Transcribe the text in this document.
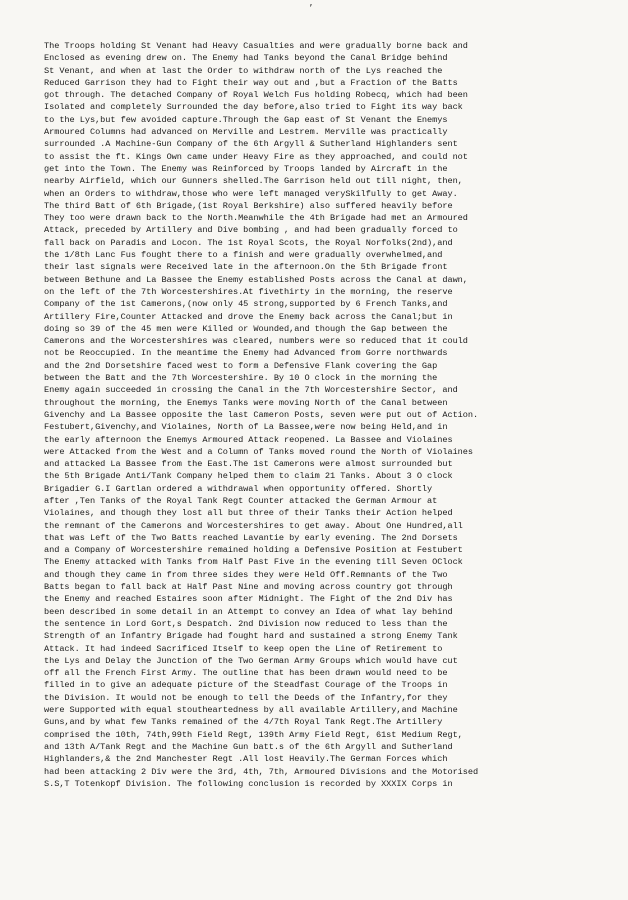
’
The Troops holding St Venant had Heavy Casualties and were gradually borne back and
Enclosed as evening drew on. The Enemy had Tanks beyond the Canal Bridge behind
St Venant, and when at last the Order to withdraw north of the Lys reached the
Reduced Garrison they had to Fight their way out and ,but a Fraction of the Batts
got through. The detached Company of Royal Welch Fus holding Robecq, which had been
Isolated and completely Surrounded the day before,also tried to Fight its way back
to the Lys,but few avoided capture.Through the Gap east of St Venant the Enemys
Armoured Columns had advanced on Merville and Lestrem. Merville was practically
surrounded .A Machine-Gun Company of the 6th Argyll & Sutherland Highlanders sent
to assist the ft. Kings Own came under Heavy Fire as they approached, and could not
get into the Town. The Enemy was Reinforced by Troops landed by Aircraft in the
nearby Airfield, which our Gunners shelled.The Garrison held out till night, then,
when an Orders to withdraw,those who were left managed verySkilfully to get Away.
The third Batt of 6th Brigade,(1st Royal Berkshire) also suffered heavily before
They too were drawn back to the North.Meanwhile the 4th Brigade had met an Armoured
Attack, preceded by Artillery and Dive bombing , and had been gradually forced to
fall back on Paradis and Locon. The 1st Royal Scots, the Royal Norfolks(2nd),and
the 1/8th Lanc Fus fought there to a finish and were gradually overwhelmed,and
their last signals were Received late in the afternoon.On the 5th Brigade front
between Bethune and La Bassee the Enemy established Posts across the Canal at dawn,
on the left of the 7th Worcestershires.At fivethirty in the morning, the reserve
Company of the 1st Camerons,(now only 45 strong,supported by 6 French Tanks,and
Artillery Fire,Counter Attacked and drove the Enemy back across the Canal;but in
doing so 39 of the 45 men were Killed or Wounded,and though the Gap between the
Camerons and the Worcestershires was cleared, numbers were so reduced that it could
not be Reoccupied. In the meantime the Enemy had Advanced from Gorre northwards
and the 2nd Dorsetshire faced west to form a Defensive Flank covering the Gap
between the Batt and the 7th Worcestershire. By 10 O clock in the morning the
Enemy again succeeded in crossing the Canal in the 7th Worcestershire Sector, and
throughout the morning, the Enemys Tanks were moving North of the Canal between
Givenchy and La Bassee opposite the last Cameron Posts, seven were put out of Action.
Festubert,Givenchy,and Violaines, North of La Bassee,were now being Held,and in
the early afternoon the Enemys Armoured Attack reopened. La Bassee and Violaines
were Attacked from the West and a Column of Tanks moved round the North of Violaines
and attacked La Bassee from the East.The 1st Camerons were almost surrounded but
the 5th Brigade Anti/Tank Company helped them to claim 21 Tanks. About 3 O clock
Brigadier G.I Gartlan ordered a withdrawal when opportunity offered. Shortly
after ,Ten Tanks of the Royal Tank Regt Counter attacked the German Armour at
Violaines, and though they lost all but three of their Tanks their Action helped
the remnant of the Camerons and Worcestershires to get away. About One Hundred,all
that was Left of the Two Batts reached Lavantie by early evening. The 2nd Dorsets
and a Company of Worcestershire remained holding a Defensive Position at Festubert
The Enemy attacked with Tanks from Half Past Five in the evening till Seven OClock
and though they came in from three sides they were Held Off.Remnants of the Two
Batts began to fall back at Half Past Nine and moving across country got through
the Enemy and reached Estaires soon after Midnight. The Fight of the 2nd Div has
been described in some detail in an Attempt to convey an Idea of what lay behind
the sentence in Lord Gort,s Despatch. 2nd Division now reduced to less than the
Strength of an Infantry Brigade had fought hard and sustained a strong Enemy Tank
Attack. It had indeed Sacrificed Itself to keep open the Line of Retirement to
the Lys and Delay the Junction of the Two German Army Groups which would have cut
off all the French First Army. The outline that has been drawn would need to be
filled in to give an adequate picture of the Steadfast Courage of the Troops in
the Division. It would not be enough to tell the Deeds of the Infantry,for they
were Supported with equal stoutheartedness by all available Artillery,and Machine
Guns,and by what few Tanks remained of the 4/7th Royal Tank Regt.The Artillery
comprised the 10th, 74th,99th Field Regt, 139th Army Field Regt, 61st Medium Regt,
and 13th A/Tank Regt and the Machine Gun batt.s of the 6th Argyll and Sutherland
Highlanders,& the 2nd Manchester Regt .All lost Heavily.The German Forces which
had been attacking 2 Div were the 3rd, 4th, 7th, Armoured Divisions and the Motorised
S.S,T Totenkopf Division. The following conclusion is recorded by XXXIX Corps in
